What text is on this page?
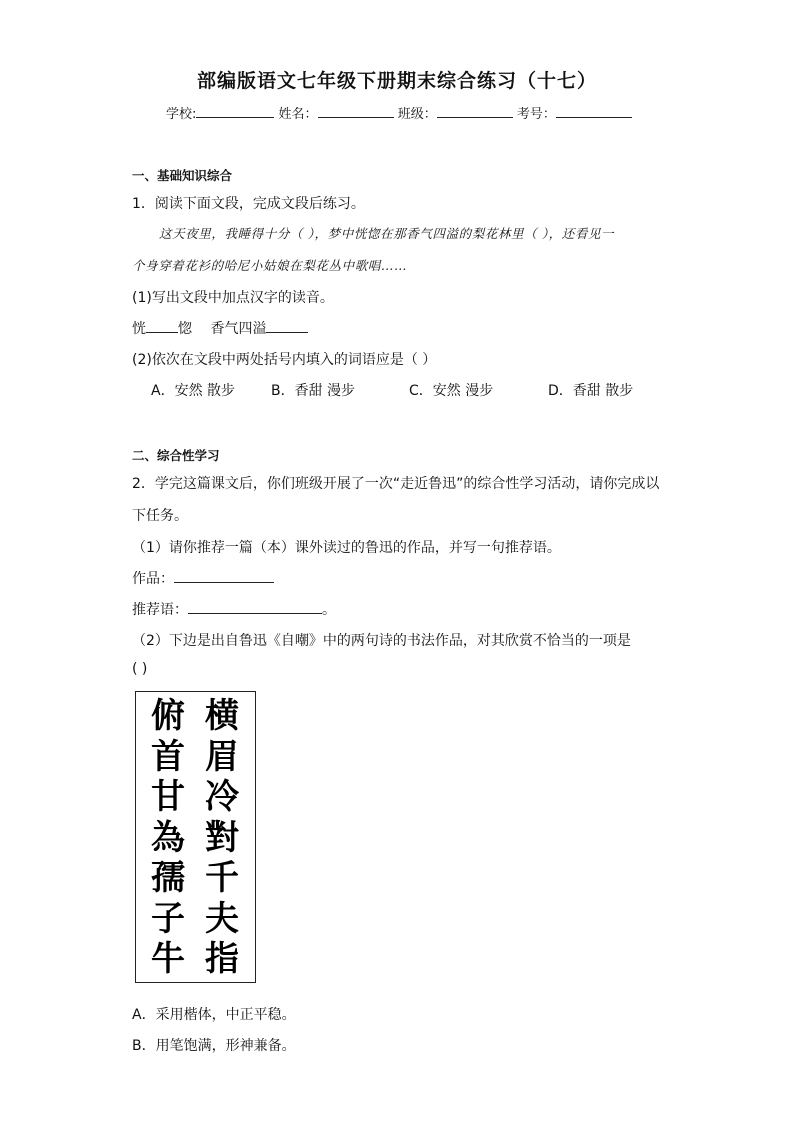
部编版语文七年级下册期末综合练习（十七）
学校:	姓名：	班级：	考号：
一、基础知识综合
1．阅读下面文段，完成文段后练习。
这天夜里，我睡得十分（ ），梦中恍惚在那香气四溢的梨花林里（ ），还看见一
个身穿着花衫的哈尼小姑娘在梨花丛中歌唱……
(1)写出文段中加点汉字的读音。
恍 惚 香气四溢
(2)依次在文段中两处括号内填入的词语应是（ ）
A．安然 散步	B．香甜 漫步	C．安然 漫步	D．香甜 散步
二、综合性学习
2．学完这篇课文后，你们班级开展了一次“走近鲁迅”的综合性学习活动，请你完成以
下任务。
（1）请你推荐一篇（本）课外读过的鲁迅的作品，并写一句推荐语。
作品：
推荐语：	。
（2）下边是出自鲁迅《自嘲》中的两句诗的书法作品，对其欣赏不恰当的一项是
( )
横
眉
冷
對
千
夫
指
俯
首
甘
為
孺
子
牛
A．采用楷体，中正平稳。
B．用笔饱满，形神兼备。
